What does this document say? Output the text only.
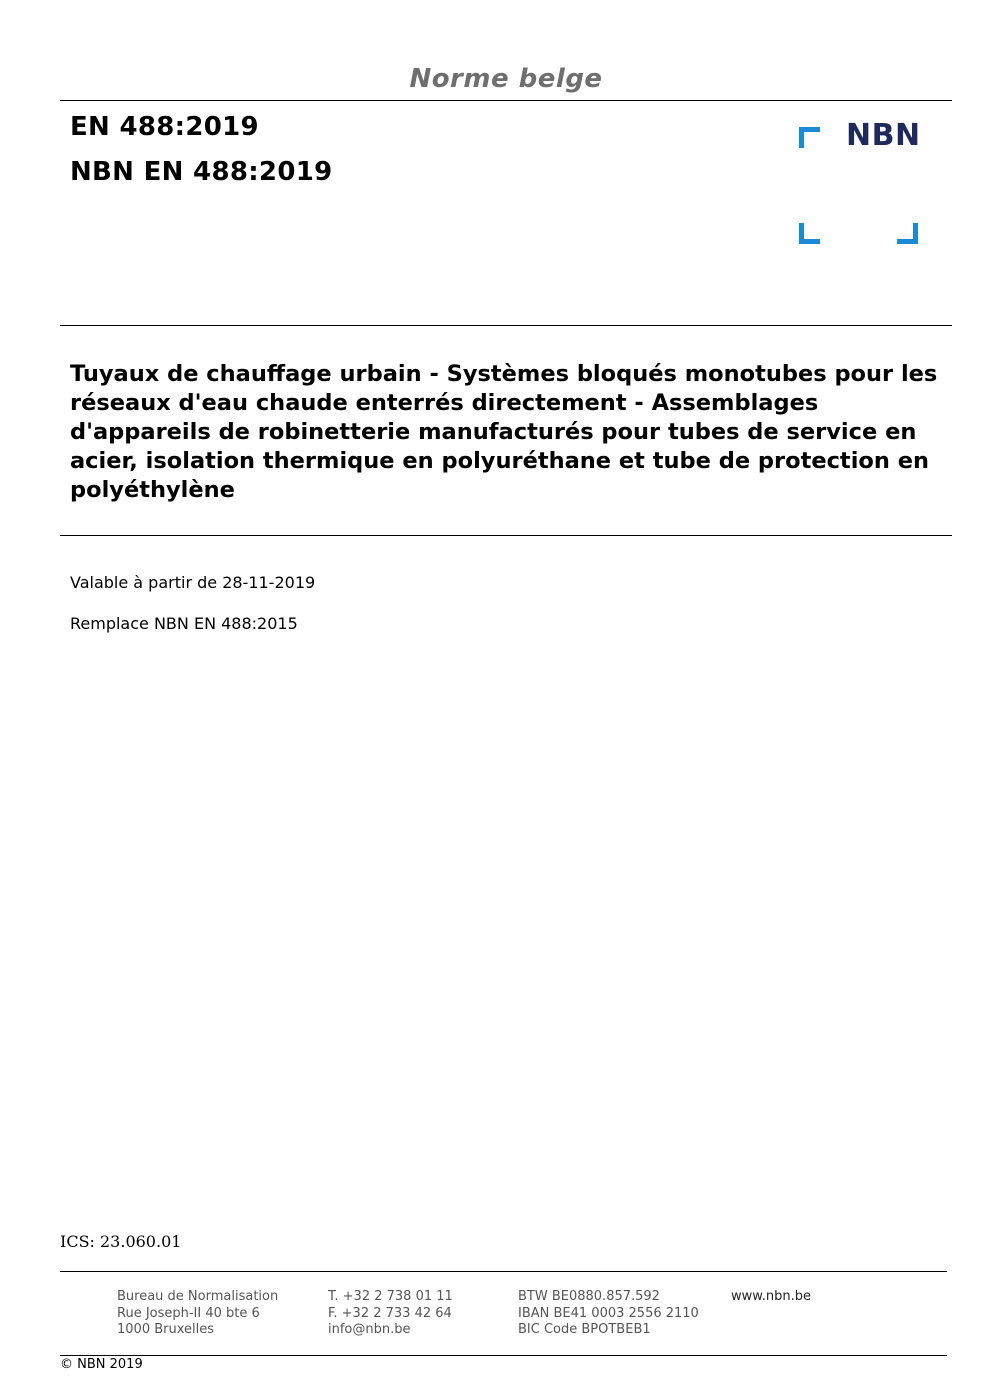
Norme belge
EN 488:2019
NBN EN 488:2019
NBN
Tuyaux de chauffage urbain - Systèmes bloqués monotubes pour les réseaux d'eau chaude enterrés directement - Assemblages d'appareils de robinetterie manufacturés pour tubes de service en acier, isolation thermique en polyuréthane et tube de protection en polyéthylène
Valable à partir de 28-11-2019
Remplace NBN EN 488:2015
ICS: 23.060.01
Bureau de Normalisation
Rue Joseph-II 40 bte 6
1000 Bruxelles
T. +32 2 738 01 11
F. +32 2 733 42 64
info@nbn.be
BTW BE0880.857.592
IBAN BE41 0003 2556 2110
BIC Code BPOTBEB1
www.nbn.be
© NBN 2019
